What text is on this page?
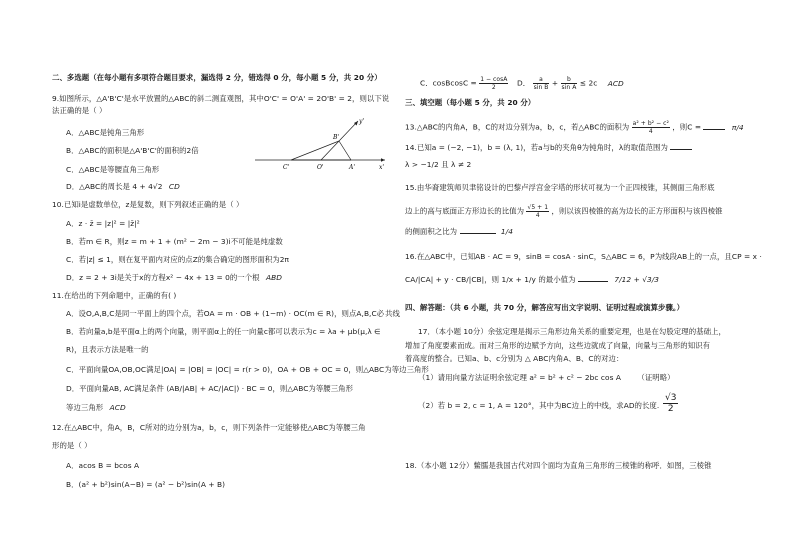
二、多选题（在每小题有多项符合题目要求，漏选得 2 分，错选得 0 分，每小题 5 分，共 20 分）
9.如图所示，△A'B'C'是水平放置的△ABC的斜二测直观图，其中O'C' = O'A' = 2O'B' = 2，则以下说
法正确的是（ ）
A．△ABC是钝角三角形
B．△ABC的面积是△A'B'C'的面积的2倍
C．△ABC是等腰直角三角形
D．△ABC的周长是 4 + 4√2 CD
y'
x'
B'
C'	O'	A'
10.已知i是虚数单位，z是复数，则下列叙述正确的是（ ）
A．z · z̄ = |z|² = |z̄|²
B．若m ∈ R，则z = m + 1 + (m² − 2m − 3)i不可能是纯虚数
C．若|z| ≤ 1，则在复平面内对应的点Z的集合确定的图形面积为2π
D．z = 2 + 3i是关于x的方程x² − 4x + 13 = 0的一个根 ABD
11.在给出的下列命题中，正确的有( )
A．设O,A,B,C是同一平面上的四个点，若OA = m · OB + (1−m) · OC(m ∈ R)，则点A,B,C必 共线
B．若向量a,b是平面α上的两个向量，则平面α上的任一向量c都可以表示为c = λa + μb(μ,λ ∈
R)，且表示方法是唯一的
C．平面向量OA,OB,OC满足|OA| = |OB| = |OC| = r(r > 0)，OA + OB + OC = 0，则△ABC为等边三角形
D．平面向量AB, AC满足条件 (AB/|AB| + AC/|AC|) · BC = 0，则△ABC为等腰三角形
等边三角形 ACD
12.在△ABC中，角A，B，C所对的边分别为a，b，c，则下列条件一定能够使△ABC为等腰三角
形的是（ ）
A．acos B = bcos A
B．(a² + b²)sin(A−B) = (a² − b²)sin(A + B)
C．cosBcosC = $\frac{1 - \cos A}{2}$ D． $\frac{a}{\text{sin B}} + \frac{b}{\text{sin A}} \le 2c$ ACD
三、填空题（每小题 5 分，共 20 分）
13.△ABC的内角A，B，C的对边分别为a，b，c，若△ABC的面积为 $\frac{\text{a² + b² − c²}}{4}$ ，则C =	π/4
14.已知a = (−2, −1)，b = (λ, 1)，若a与b的夹角θ为钝角时，λ的取值范围为
λ > −1/2 且 λ ≠ 2
15.由华裔建筑师贝聿铭设计的巴黎卢浮宫金字塔的形状可视为一个正四棱锥，其侧面三角形底
边上的高与底面正方形边长的比值为 $\frac{√5 + 1}{4}$ ，则以该四棱锥的高为边长的正方形面积与该四棱锥
的侧面积之比为	1/4
16.在△ABC中，已知AB · AC = 9，sinB = cosA · sinC，S△ABC = 6，P为线段AB上的一点，且CP = x ·
CA/|CA| + y · CB/|CB|，则 1/x + 1/y 的最小值为	7/12 + √3/3
四、解答题：（共 6 小题，共 70 分，解答应写出文字说明、证明过程或演算步骤。）
17．（本小题 10分）余弦定理是揭示三角形边角关系的重要定理，也是在勾股定理的基础上，
增加了角度要素而成。而对三角形的边赋予方向，这些边就成了向量，向量与三角形的知识有
着高度的整合。已知a、b、c分别为 △ ABC内角A、B、C的对边：
（1）请用向量方法证明余弦定理 a² = b² + c² − 2bc cos A （证明略）
（2）若 b = 2, c = 1, A = 120°，其中为BC边上的中线，求AD的长度. $\frac{√3}{2}$
18.（本小题 12分）鳖臑是我国古代对四个面均为直角三角形的三棱锥的称呼．如图，三棱锥
